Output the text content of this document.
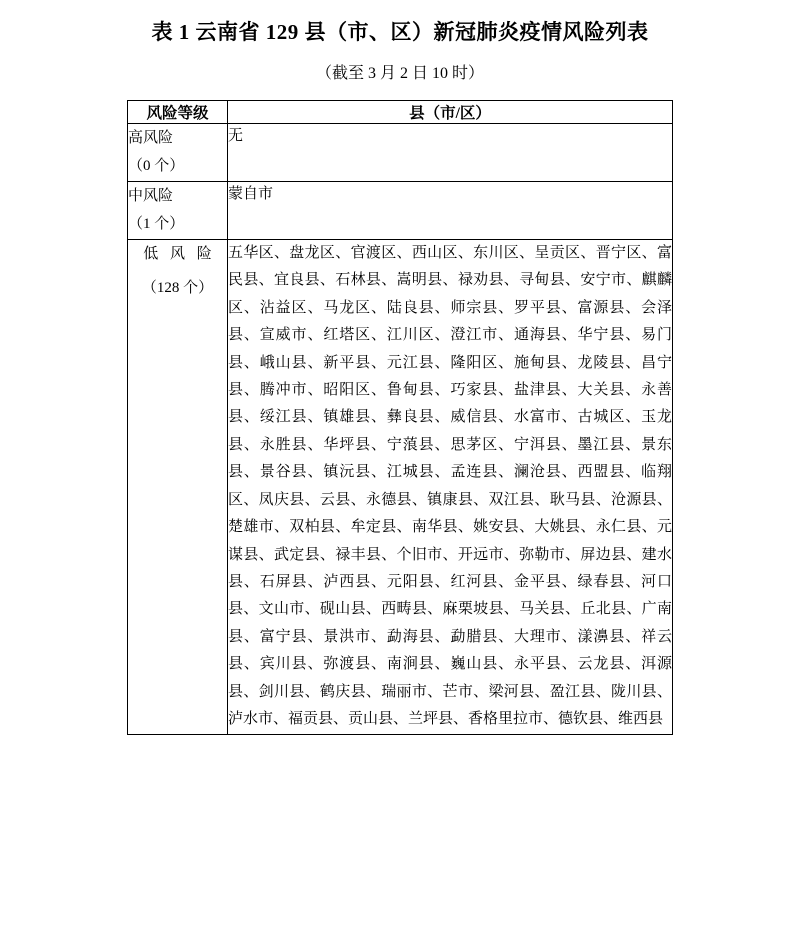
表 1 云南省 129 县（市、区）新冠肺炎疫情风险列表
（截至 3 月 2 日 10 时）
风险等级	县（市/区）

高风险
（0 个）	无

中风险
（1 个）	蒙自市

低 风 险
（128 个）	五华区、盘龙区、官渡区、西山区、东川区、呈贡区、晋宁区、富民县、宜良县、石林县、嵩明县、禄劝县、寻甸县、安宁市、麒麟区、沾益区、马龙区、陆良县、师宗县、罗平县、富源县、会泽县、宣威市、红塔区、江川区、澄江市、通海县、华宁县、易门县、峨山县、新平县、元江县、隆阳区、施甸县、龙陵县、昌宁县、腾冲市、昭阳区、鲁甸县、巧家县、盐津县、大关县、永善县、绥江县、镇雄县、彝良县、威信县、水富市、古城区、玉龙县、永胜县、华坪县、宁蒗县、思茅区、宁洱县、墨江县、景东县、景谷县、镇沅县、江城县、孟连县、澜沧县、西盟县、临翔区、凤庆县、云县、永德县、镇康县、双江县、耿马县、沧源县、楚雄市、双柏县、牟定县、南华县、姚安县、大姚县、永仁县、元谋县、武定县、禄丰县、个旧市、开远市、弥勒市、屏边县、建水县、石屏县、泸西县、元阳县、红河县、金平县、绿春县、河口县、文山市、砚山县、西畴县、麻栗坡县、马关县、丘北县、广南县、富宁县、景洪市、勐海县、勐腊县、大理市、漾濞县、祥云县、宾川县、弥渡县、南涧县、巍山县、永平县、云龙县、洱源县、剑川县、鹤庆县、瑞丽市、芒市、梁河县、盈江县、陇川县、泸水市、福贡县、贡山县、兰坪县、香格里拉市、德钦县、维西县
